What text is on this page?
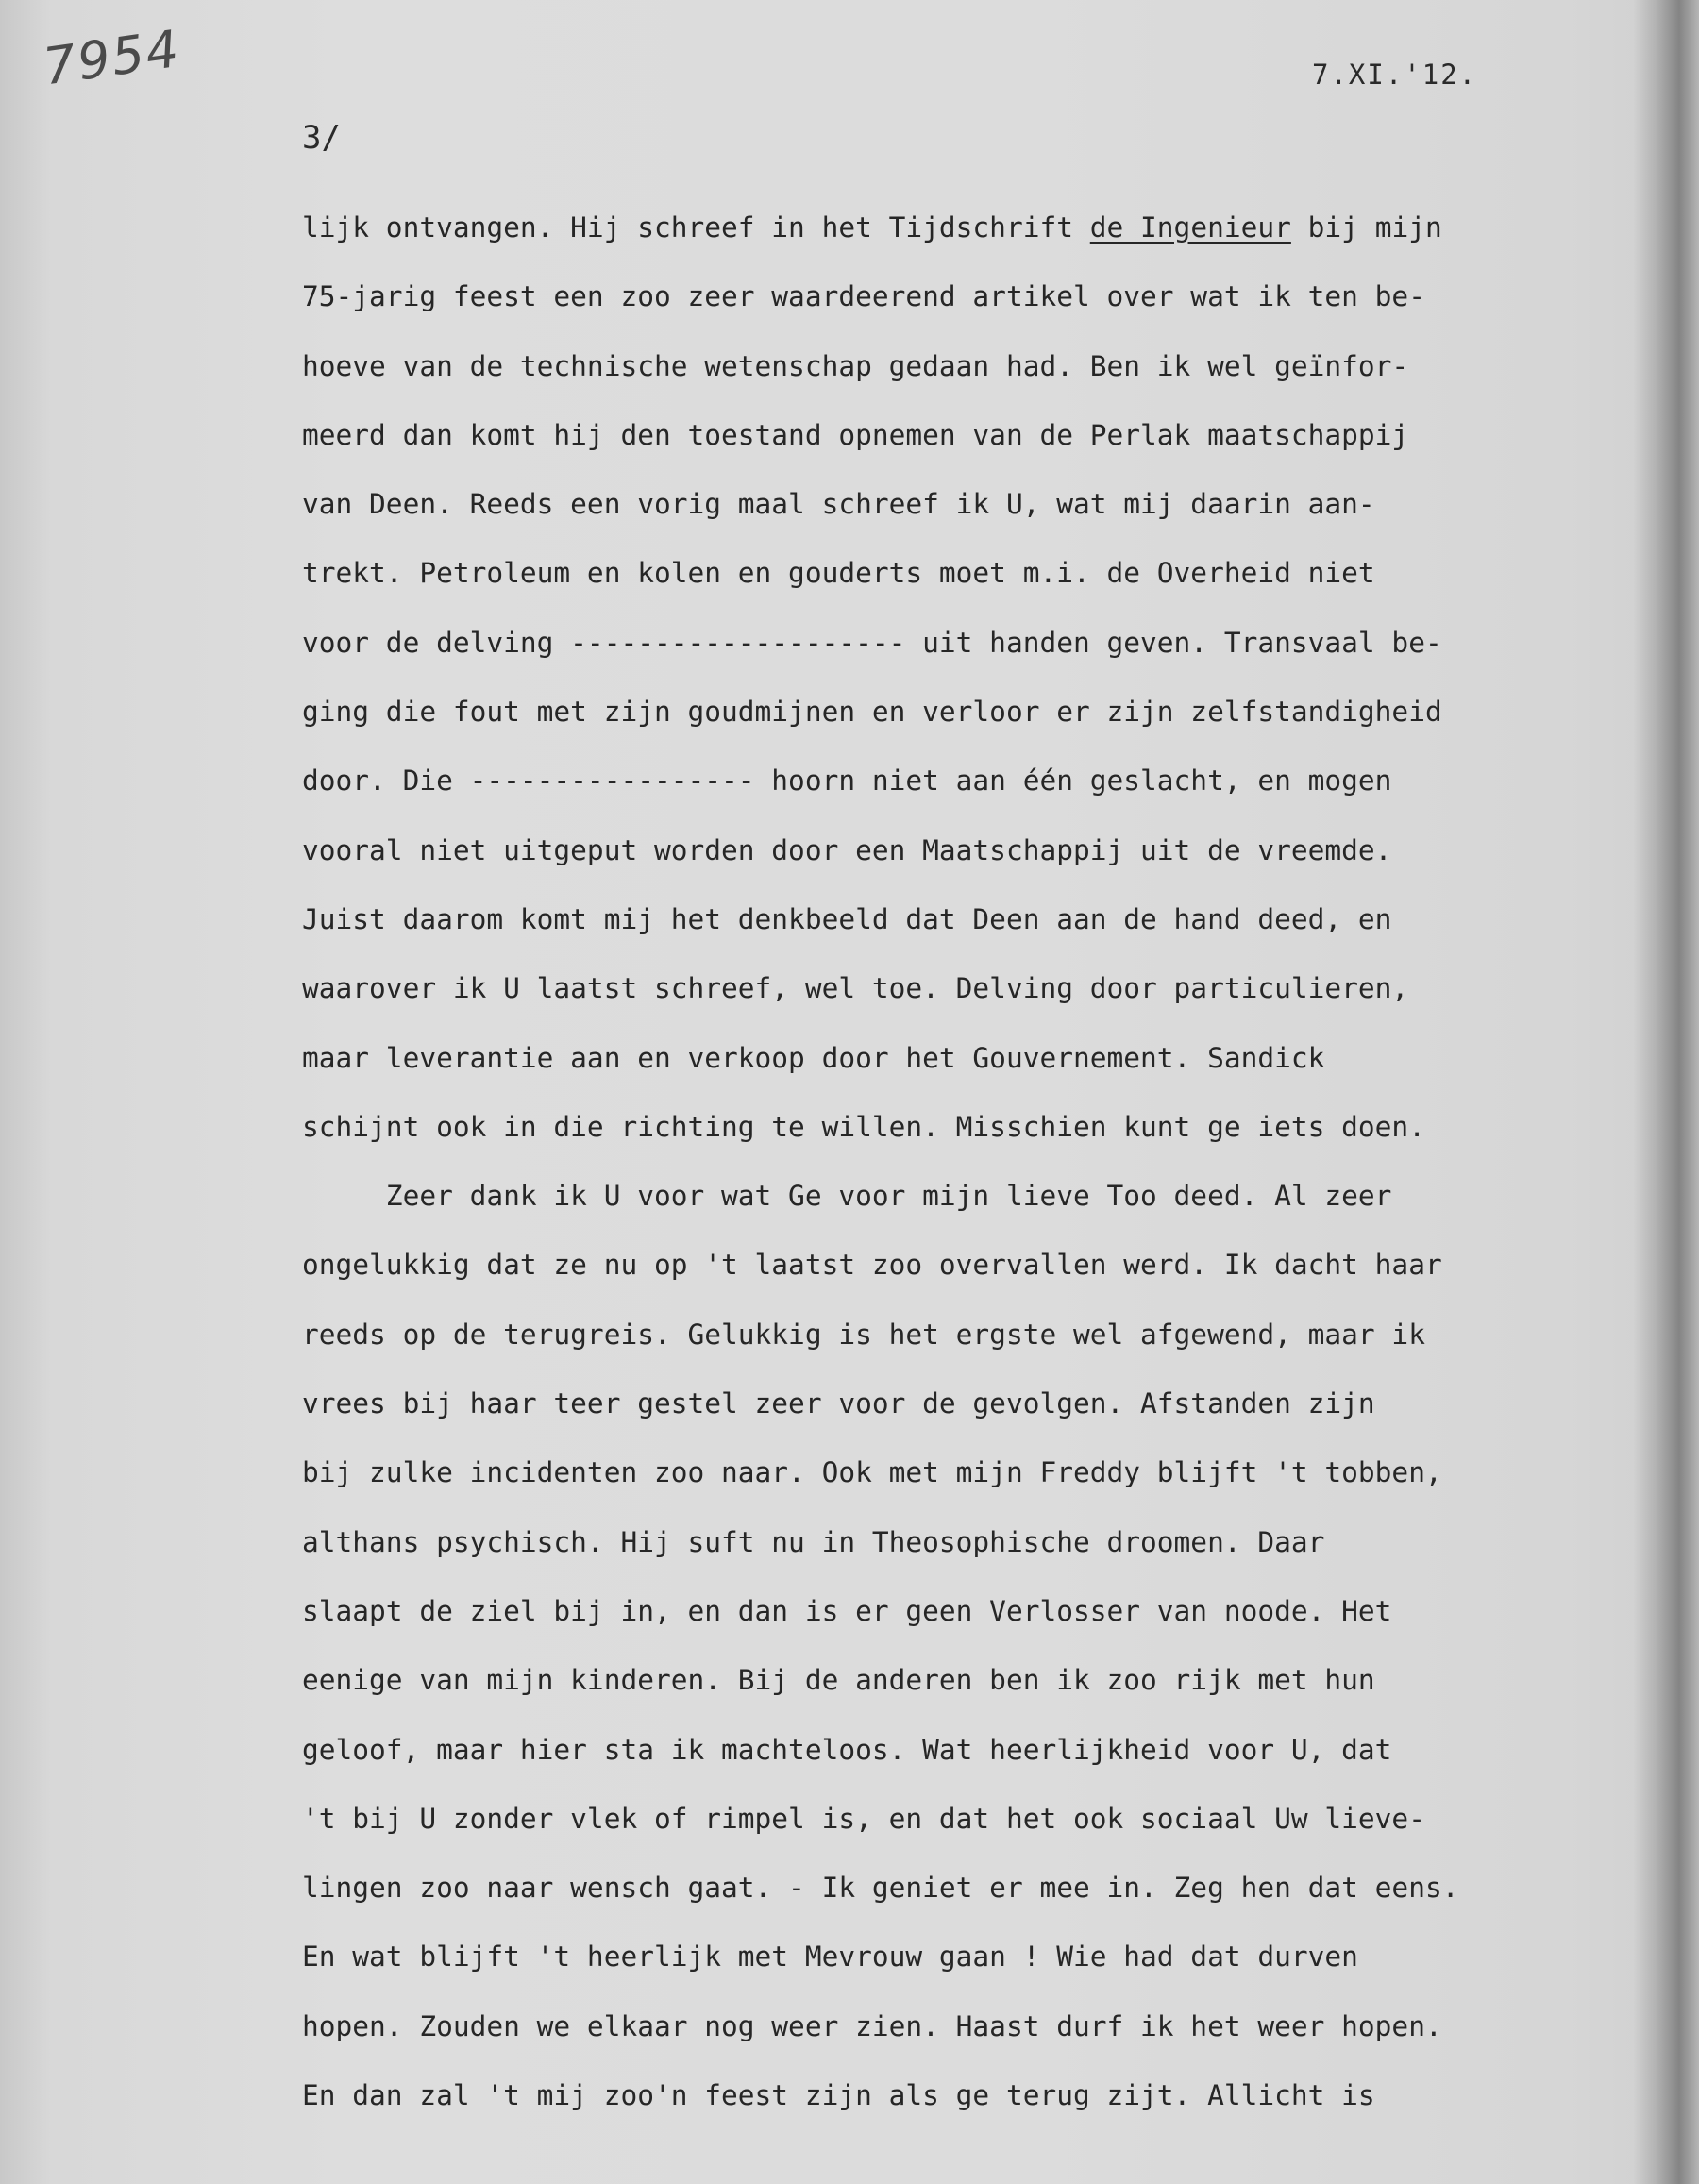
7954	7.XI.'12.
3/
lijk ontvangen. Hij schreef in het Tijdschrift de Ingenieur bij mijn
75-jarig feest een zoo zeer waardeerend artikel over wat ik ten be-
hoeve van de technische wetenschap gedaan had. Ben ik wel geïnfor-
meerd dan komt hij den toestand opnemen van de Perlak maatschappij
van Deen. Reeds een vorig maal schreef ik U, wat mij daarin aan-
trekt. Petroleum en kolen en gouderts moet m.i. de Overheid niet
voor de delving -------------------- uit handen geven. Transvaal be-
ging die fout met zijn goudmijnen en verloor er zijn zelfstandigheid
door. Die ----------------- hoorn niet aan één geslacht, en mogen
vooral niet uitgeput worden door een Maatschappij uit de vreemde.
Juist daarom komt mij het denkbeeld dat Deen aan de hand deed, en
waarover ik U laatst schreef, wel toe. Delving door particulieren,
maar leverantie aan en verkoop door het Gouvernement. Sandick
schijnt ook in die richting te willen. Misschien kunt ge iets doen.
Zeer dank ik U voor wat Ge voor mijn lieve Too deed. Al zeer
ongelukkig dat ze nu op 't laatst zoo overvallen werd. Ik dacht haar
reeds op de terugreis. Gelukkig is het ergste wel afgewend, maar ik
vrees bij haar teer gestel zeer voor de gevolgen. Afstanden zijn
bij zulke incidenten zoo naar. Ook met mijn Freddy blijft 't tobben,
althans psychisch. Hij suft nu in Theosophische droomen. Daar
slaapt de ziel bij in, en dan is er geen Verlosser van noode. Het
eenige van mijn kinderen. Bij de anderen ben ik zoo rijk met hun
geloof, maar hier sta ik machteloos. Wat heerlijkheid voor U, dat
't bij U zonder vlek of rimpel is, en dat het ook sociaal Uw lieve-
lingen zoo naar wensch gaat. - Ik geniet er mee in. Zeg hen dat eens.
En wat blijft 't heerlijk met Mevrouw gaan ! Wie had dat durven
hopen. Zouden we elkaar nog weer zien. Haast durf ik het weer hopen.
En dan zal 't mij zoo'n feest zijn als ge terug zijt. Allicht is
